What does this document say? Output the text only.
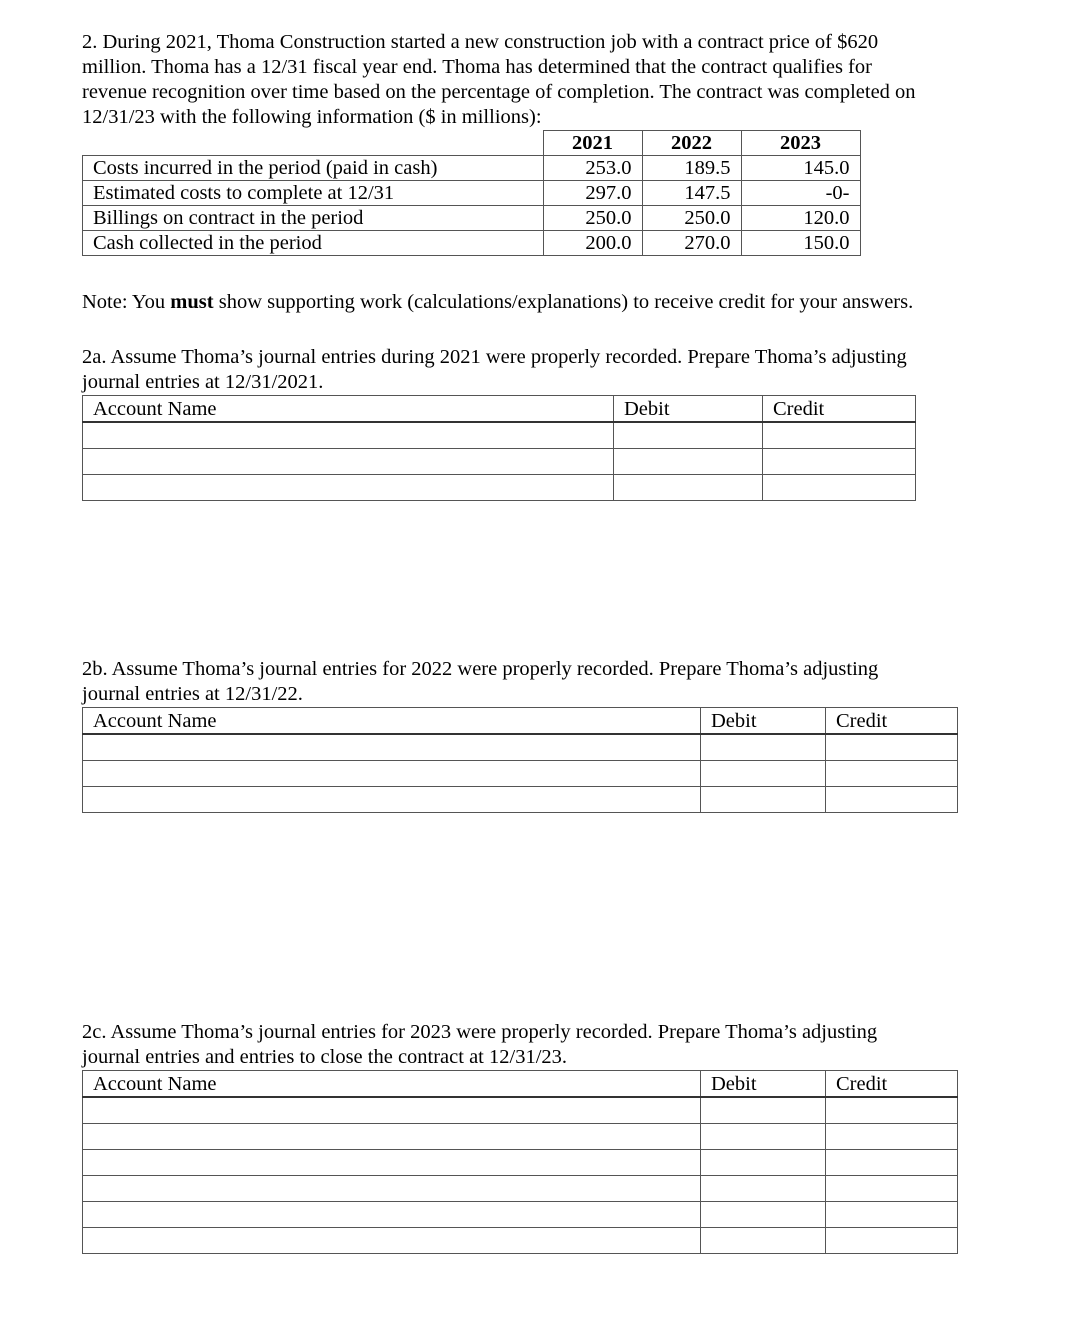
2. During 2021, Thoma Construction started a new construction job with a contract price of $620
million. Thoma has a 12/31 fiscal year end. Thoma has determined that the contract qualifies for
revenue recognition over time based on the percentage of completion. The contract was completed on
12/31/23 with the following information ($ in millions):
	2021	2022	2023
Costs incurred in the period (paid in cash)	253.0	189.5	145.0
Estimated costs to complete at 12/31	297.0	147.5	-0-
Billings on contract in the period	250.0	250.0	120.0
Cash collected in the period	200.0	270.0	150.0
Note: You must show supporting work (calculations/explanations) to receive credit for your answers.
2a. Assume Thoma’s journal entries during 2021 were properly recorded. Prepare Thoma’s adjusting
journal entries at 12/31/2021.
Account Name	Debit	Credit

2b. Assume Thoma’s journal entries for 2022 were properly recorded. Prepare Thoma’s adjusting
journal entries at 12/31/22.
Account Name	Debit	Credit

2c. Assume Thoma’s journal entries for 2023 were properly recorded. Prepare Thoma’s adjusting
journal entries and entries to close the contract at 12/31/23.
Account Name	Debit	Credit
